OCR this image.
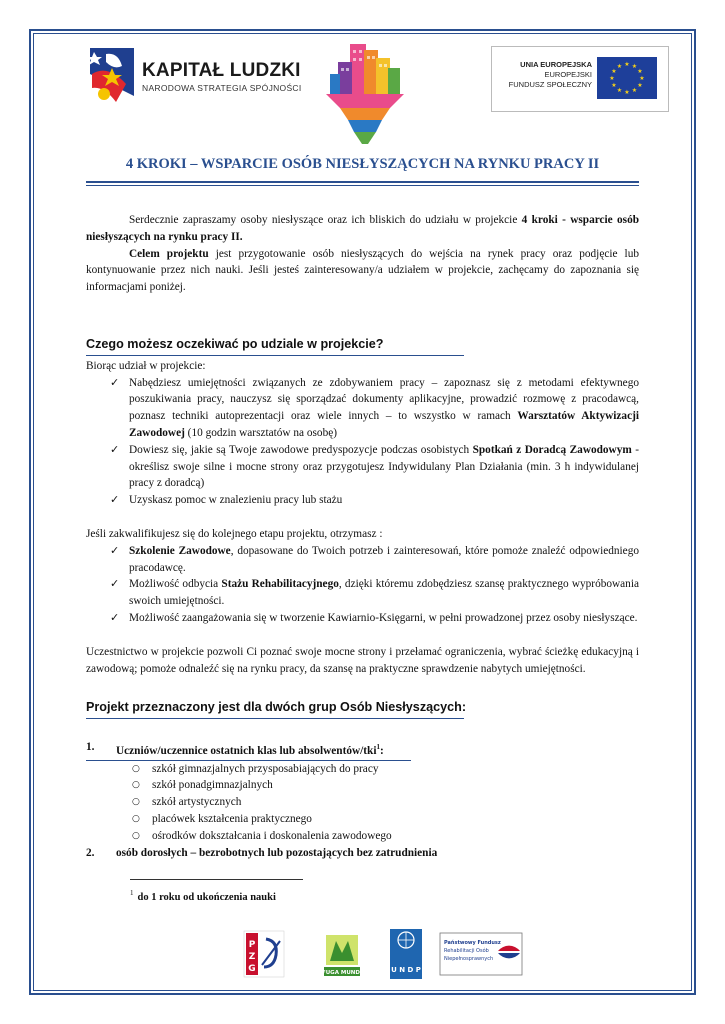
KAPITAŁ LUDZKI
NARODOWA STRATEGIA SPÓJNOŚCI
UNIA EUROPEJSKA
EUROPEJSKI
FUNDUSZ SPOŁECZNY
★ ★
★
★
★
★
★
★
★
★
★
★
4 KROKI – WSPARCIE OSÓB NIESŁYSZĄCYCH NA RYNKU PRACY II

Serdecznie zapraszamy osoby niesłyszące oraz ich bliskich do udziału w projekcie 4 kroki - wsparcie osób niesłyszących na rynku pracy II.

Celem projektu jest przygotowanie osób niesłyszących do wejścia na rynek pracy oraz podjęcie lub kontynuowanie przez nich nauki. Jeśli jesteś zainteresowany/a udziałem w projekcie, zachęcamy do zapoznania się informacjami poniżej.

Czego możesz oczekiwać po udziale w projekcie?

Biorąc udział w projekcie:

✓ Nabędziesz umiejętności związanych ze zdobywaniem pracy – zapoznasz się z metodami efektywnego poszukiwania pracy, nauczysz się sporządzać dokumenty aplikacyjne, prowadzić rozmowę z pracodawcą, poznasz techniki autoprezentacji oraz wiele innych – to wszystko w ramach Warsztatów Aktywizacji Zawodowej (10 godzin warsztatów na osobę)
✓ Dowiesz się, jakie są Twoje zawodowe predyspozycje podczas osobistych Spotkań z Doradcą Zawodowym - określisz swoje silne i mocne strony oraz przygotujesz Indywidulany Plan Działania (min. 3 h indywidulanej pracy z doradcą)
✓ Uzyskasz pomoc w znalezieniu pracy lub stażu

Jeśli zakwalifikujesz się do kolejnego etapu projektu, otrzymasz :

✓ Szkolenie Zawodowe, dopasowane do Twoich potrzeb i zainteresowań, które pomoże znaleźć odpowiedniego pracodawcę.
✓ Możliwość odbycia Stażu Rehabilitacyjnego, dzięki któremu zdobędziesz szansę praktycznego wypróbowania swoich umiejętności.
✓ Możliwość zaangażowania się w tworzenie Kawiarnio-Księgarni, w pełni prowadzonej przez osoby niesłyszące.

Uczestnictwo w projekcie pozwoli Ci poznać swoje mocne strony i przełamać ograniczenia, wybrać ścieżkę edukacyjną i zawodową; pomoże odnaleźć się na rynku pracy, da szansę na praktyczne sprawdzenie nabytych umiejętności.

Projekt przeznaczony jest dla dwóch grup Osób Niesłyszących:
1. Uczniów/uczennice ostatnich klas lub absolwentów/tki$^1$:
○ szkół gimnazjalnych przysposabiających do pracy
○ szkół ponadgimnazjalnych
○ szkół artystycznych
○ placówek kształcenia praktycznego
○ ośrodków dokształcania i doskonalenia zawodowego
2. osób dorosłych – bezrobotnych lub pozostających bez zatrudnienia
$^1$ do 1 roku od ukończenia nauki
P
Z
G	FUGA MUNDI	U N D P
Państwowy Fundusz
Rehabilitacji Osób
Niepełnosprawnych
